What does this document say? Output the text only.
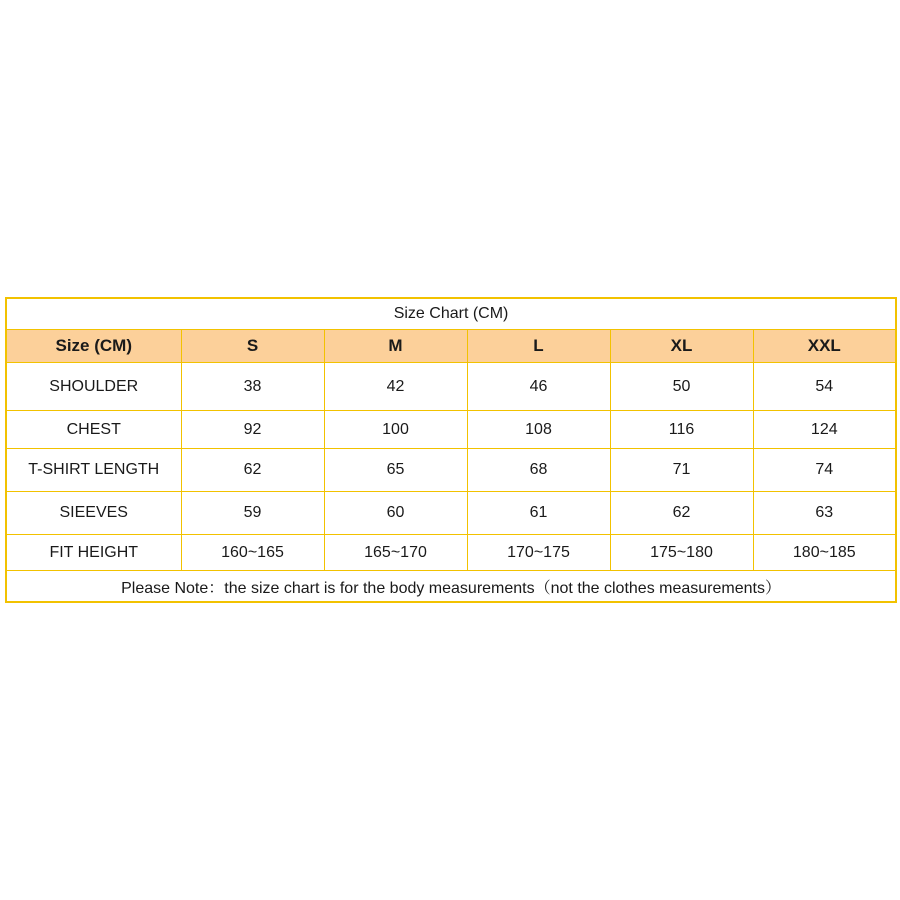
Size Chart (CM)					
Size (CM)	S	M	L	XL	XXL
SHOULDER	38	42	46	50	54
CHEST	92	100	108	116	124
T-SHIRT LENGTH	62	65	68	71	74
SIEEVES	59	60	61	62	63
FIT HEIGHT	160~165	165~170	170~175	175~180	180~185
Please Note：the size chart is for the body measurements（not the clothes measurements）					
